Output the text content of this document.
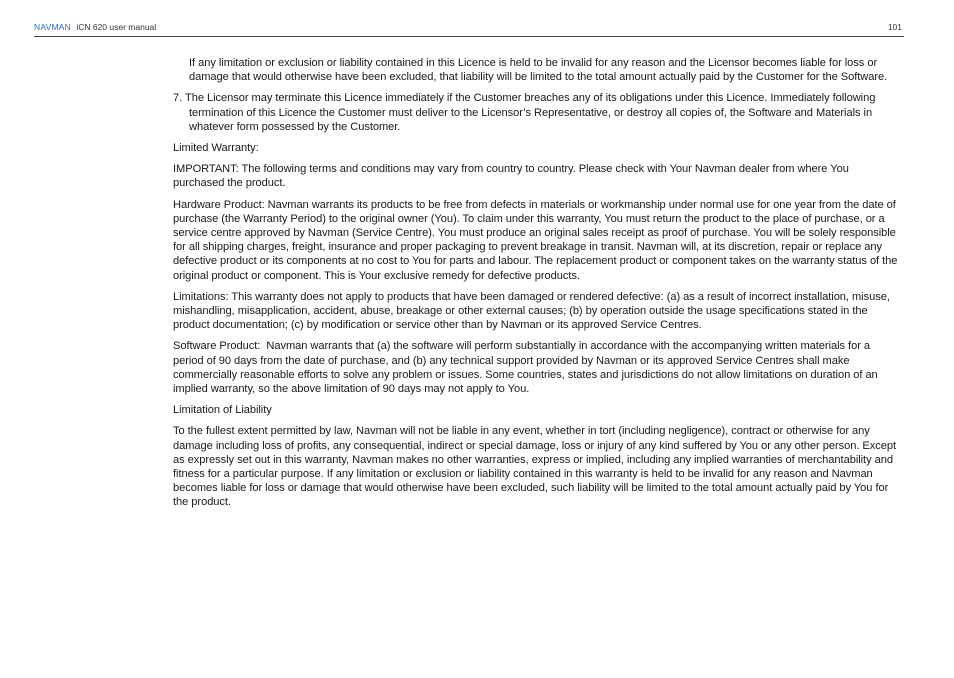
NAVMAN iCN 620 user manual	101

If any limitation or exclusion or liability contained in this Licence is held to be invalid for any reason and the Licensor becomes liable for loss or damage that would otherwise have been excluded, that liability will be limited to the total amount actually paid by the Customer for the Software.

7. The Licensor may terminate this Licence immediately if the Customer breaches any of its obligations under this Licence. Immediately following termination of this Licence the Customer must deliver to the Licensor’s Representative, or destroy all copies of, the Software and Materials in whatever form possessed by the Customer.

Limited Warranty:

IMPORTANT: The following terms and conditions may vary from country to country. Please check with Your Navman dealer from where You purchased the product.

Hardware Product: Navman warrants its products to be free from defects in materials or workmanship under normal use for one year from the date of purchase (the Warranty Period) to the original owner (You). To claim under this warranty, You must return the product to the place of purchase, or a service centre approved by Navman (Service Centre). You must produce an original sales receipt as proof of purchase. You will be solely responsible for all shipping charges, freight, insurance and proper packaging to prevent breakage in transit. Navman will, at its discretion, repair or replace any defective product or its components at no cost to You for parts and labour. The replacement product or component takes on the warranty status of the original product or component. This is Your exclusive remedy for defective products.

Limitations: This warranty does not apply to products that have been damaged or rendered defective: (a) as a result of incorrect installation, misuse, mishandling, misapplication, accident, abuse, breakage or other external causes; (b) by operation outside the usage specifications stated in the product documentation; (c) by modification or service other than by Navman or its approved Service Centres.

Software Product:  Navman warrants that (a) the software will perform substantially in accordance with the accompanying written materials for a period of 90 days from the date of purchase, and (b) any technical support provided by Navman or its approved Service Centres shall make commercially reasonable efforts to solve any problem or issues. Some countries, states and jurisdictions do not allow limitations on duration of an implied warranty, so the above limitation of 90 days may not apply to You.

Limitation of Liability

To the fullest extent permitted by law, Navman will not be liable in any event, whether in tort (including negligence), contract or otherwise for any damage including loss of profits, any consequential, indirect or special damage, loss or injury of any kind suffered by You or any other person. Except as expressly set out in this warranty, Navman makes no other warranties, express or implied, including any implied warranties of merchantability and fitness for a particular purpose. If any limitation or exclusion or liability contained in this warranty is held to be invalid for any reason and Navman becomes liable for loss or damage that would otherwise have been excluded, such liability will be limited to the total amount actually paid by You for the product.
